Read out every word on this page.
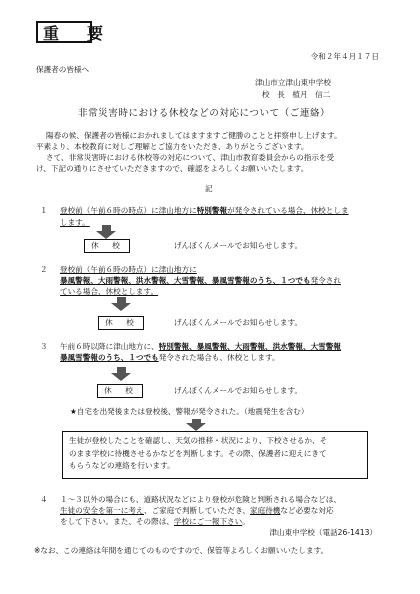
重　要
令和２年４月１７日
保護者の皆様へ
津山市立津山東中学校
校　長　植月　信二
非常災害時における休校などの対応について（ご連絡）
陽春の候、保護者の皆様におかれましてはますますご健勝のことと拝察申し上げます。
平素より、本校教育に対しご理解とご協力をいただき、ありがとうございます。
さて、非常災害時における休校等の対応について、津山市教育委員会からの指示を受
け、下記の通りにさせていただきますので、確認をよろしくお願いいたします。
記
１ 登校前（午前６時の時点）に津山地方に特別警報が発令されている場合、休校としま
します。
休　校	げんぼくんメールでお知らせします。
２ 登校前（午前６時の時点）に津山地方に
暴風警報、大雨警報、洪水警報、大雪警報、暴風雪警報のうち、１つでも発令され
ている場合、休校とします。
休　校	げんぼくんメールでお知らせします。
３ 午前６時以降に津山地方に、特別警報、暴風警報、大雨警報、洪水警報、大雪警報
暴風雪警報のうち、１つでも発令された場合も、休校とします。
休　校	げんぼくんメールでお知らせします。
★自宅を出発後または登校後、警報が発令された。（地震発生を含む）
生徒が登校したことを確認し、天気の推移・状況により、下校させるか、そ
のまま学校に待機させるかなどを判断します。その際、保護者に迎えにきて
もらうなどの連絡を行います。
４ １～３以外の場合にも、道路状況などにより登校が危険と判断される場合などは、
生徒の安全を第一に考え、ご家庭で判断していただき、家庭待機など必要な対応
をして下さい。また、その際は、学校にご一報下さい。
津山東中学校（電話26-1413）
※なお、この連絡は年間を通じてのものですので、保管等よろしくお願いいたします。
